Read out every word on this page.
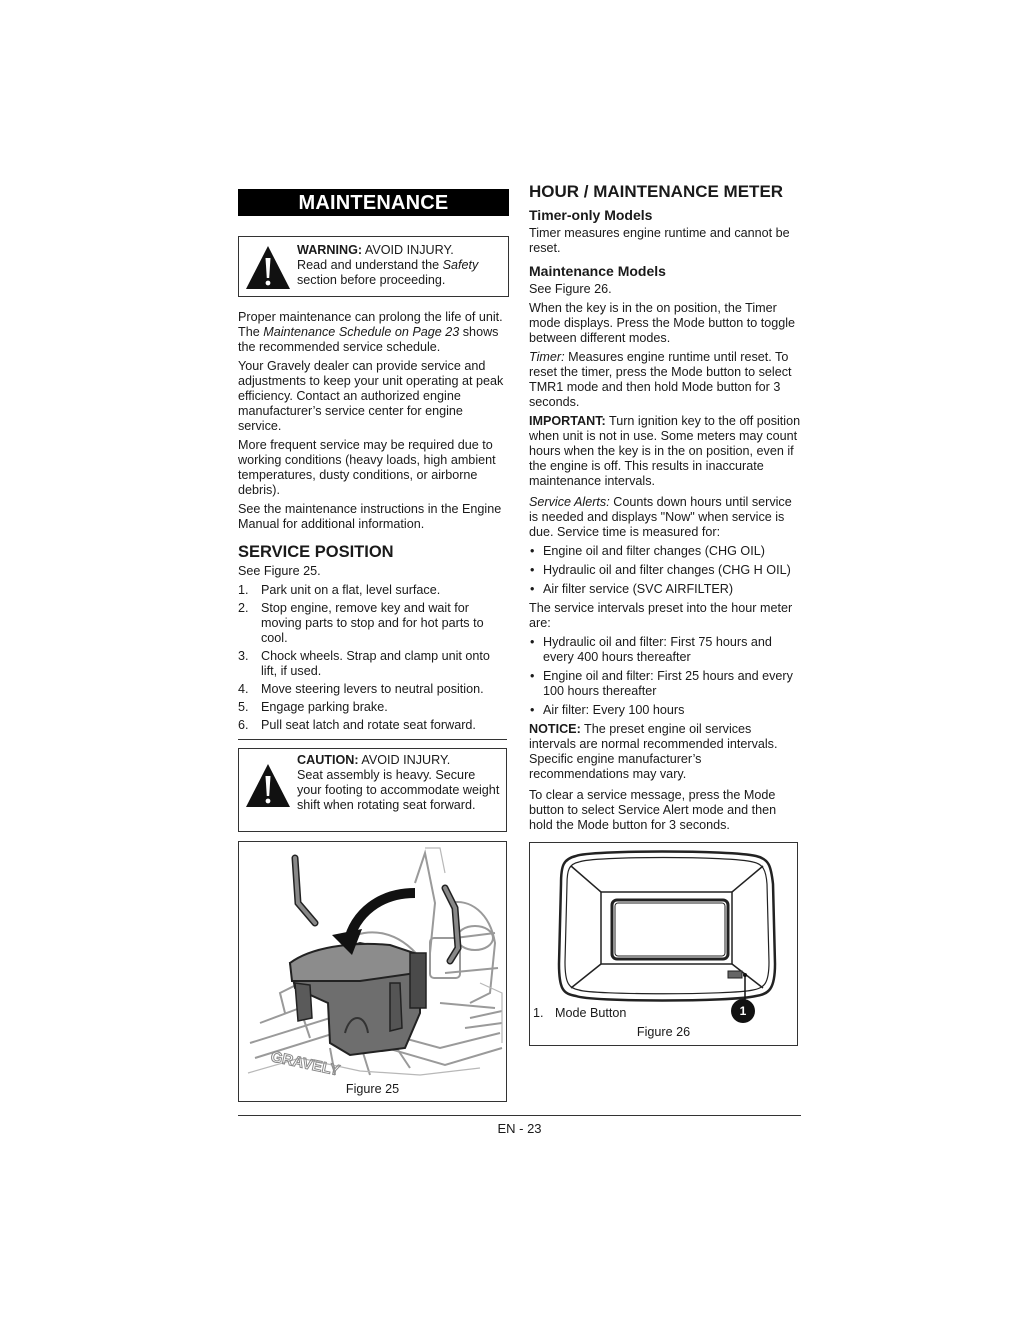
MAINTENANCE
WARNING: AVOID INJURY.
Read and understand the Safety
section before proceeding.

Proper maintenance can prolong the life of unit. The Maintenance Schedule on Page 23 shows the recommended service schedule.

Your Gravely dealer can provide service and adjustments to keep your unit operating at peak efficiency. Contact an authorized engine manufacturer’s service center for engine service.

More frequent service may be required due to working conditions (heavy loads, high ambient temperatures, dusty conditions, or airborne debris).

See the maintenance instructions in the Engine Manual for additional information.

SERVICE POSITION

See Figure 25.

1. Park unit on a flat, level surface.
2. Stop engine, remove key and wait for moving parts to stop and for hot parts to cool.
3. Chock wheels. Strap and clamp unit onto lift, if used.
4. Move steering levers to neutral position.
5. Engage parking brake.
6. Pull seat latch and rotate seat forward.
CAUTION: AVOID INJURY.
Seat assembly is heavy. Secure your footing to accommodate weight shift when rotating seat forward.
GRAVELY
Figure 25
HOUR / MAINTENANCE METER
Timer-only Models

Timer measures engine runtime and cannot be reset.

Maintenance Models

See Figure 26.

When the key is in the on position, the Timer mode displays. Press the Mode button to toggle between different modes.

Timer: Measures engine runtime until reset. To reset the timer, press the Mode button to select TMR1 mode and then hold Mode button for 3 seconds.

IMPORTANT: Turn ignition key to the off position when unit is not in use. Some meters may count hours when the key is in the on position, even if the engine is off. This results in inaccurate maintenance intervals.

Service Alerts: Counts down hours until service is needed and displays "Now" when service is due. Service time is measured for:

• Engine oil and filter changes (CHG OIL)
• Hydraulic oil and filter changes (CHG H OIL)
• Air filter service (SVC AIRFILTER)

The service intervals preset into the hour meter are:

• Hydraulic oil and filter: First 75 hours and every 400 hours thereafter
• Engine oil and filter: First 25 hours and every 100 hours thereafter
• Air filter: Every 100 hours

NOTICE: The preset engine oil services intervals are normal recommended intervals. Specific engine manufacturer’s recommendations may vary.

To clear a service message, press the Mode button to select Service Alert mode and then hold the Mode button for 3 seconds.

1
1. Mode Button
Figure 26
EN - 23
